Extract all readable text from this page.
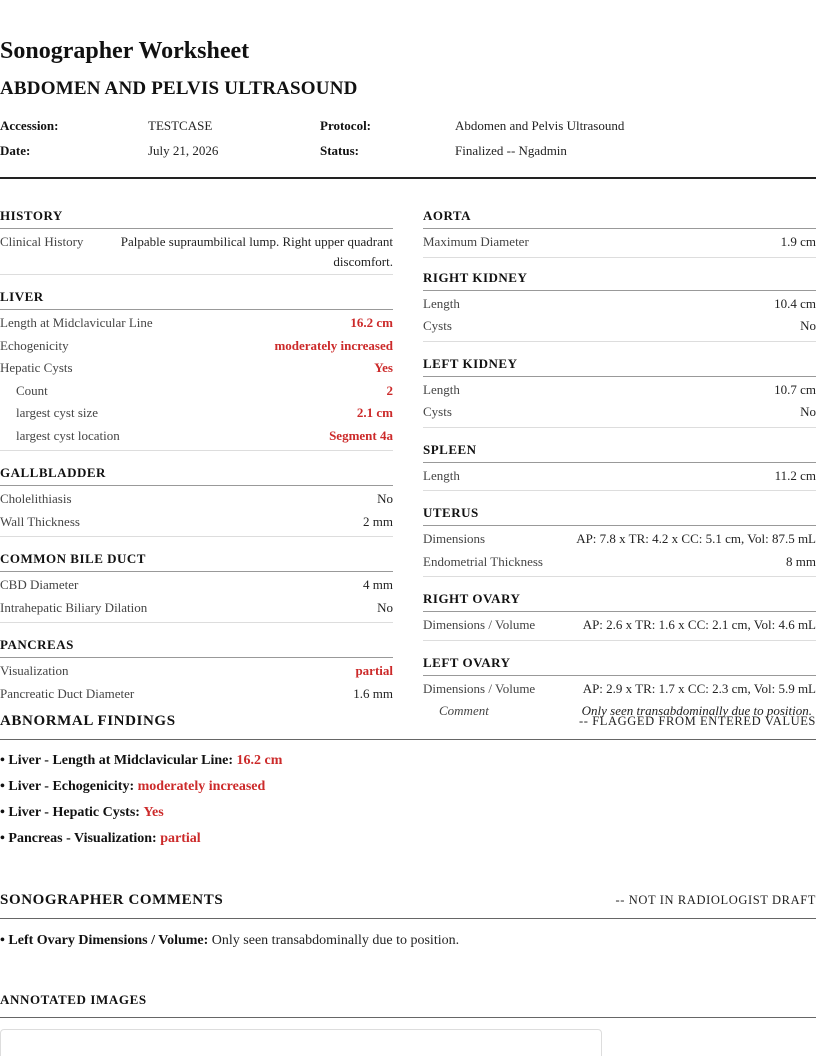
Sonographer Worksheet
ABDOMEN AND PELVIS ULTRASOUND
Accession:	TESTCASE	Protocol:	Abdomen and Pelvis Ultrasound
Date:	July 21, 2026	Status:	Finalized -- Ngadmin
HISTORY
Clinical History	Palpable supraumbilical lump. Right upper quadrant discomfort.
LIVER
Length at Midclavicular Line	16.2 cm
Echogenicity	moderately increased
Hepatic Cysts	Yes
Count	2
largest cyst size	2.1 cm
largest cyst location	Segment 4a
GALLBLADDER
Cholelithiasis	No
Wall Thickness	2 mm
COMMON BILE DUCT
CBD Diameter	4 mm
Intrahepatic Biliary Dilation	No
PANCREAS
Visualization	partial
Pancreatic Duct Diameter	1.6 mm
AORTA
Maximum Diameter	1.9 cm
RIGHT KIDNEY
Length	10.4 cm
Cysts	No
LEFT KIDNEY
Length	10.7 cm
Cysts	No
SPLEEN
Length	11.2 cm
UTERUS
Dimensions	AP: 7.8 x TR: 4.2 x CC: 5.1 cm, Vol: 87.5 mL
Endometrial Thickness	8 mm
RIGHT OVARY
Dimensions / Volume	AP: 2.6 x TR: 1.6 x CC: 2.1 cm, Vol: 4.6 mL
LEFT OVARY
Dimensions / Volume	AP: 2.9 x TR: 1.7 x CC: 2.3 cm, Vol: 5.9 mL
Comment	Only seen transabdominally due to position.
ABNORMAL FINDINGS	-- FLAGGED FROM ENTERED VALUES
• Liver - Length at Midclavicular Line: 16.2 cm
• Liver - Echogenicity: moderately increased
• Liver - Hepatic Cysts: Yes
• Pancreas - Visualization: partial
SONOGRAPHER COMMENTS	-- NOT IN RADIOLOGIST DRAFT
• Left Ovary Dimensions / Volume: Only seen transabdominally due to position.
ANNOTATED IMAGES
